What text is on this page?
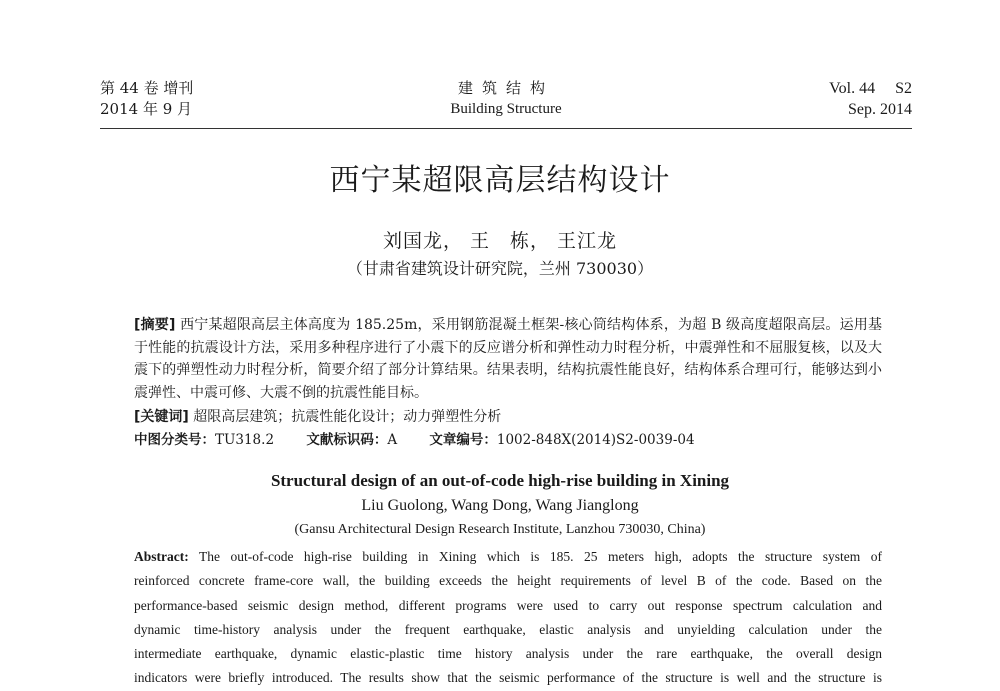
第 44 卷 增刊
2014 年 9 月
建筑结构
Building Structure
Vol. 44 S2
Sep. 2014
西宁某超限高层结构设计
刘国龙， 王　栋， 王江龙
（甘肃省建筑设计研究院，兰州 730030）
[摘要] 西宁某超限高层主体高度为 185.25m，采用钢筋混凝土框架-核心筒结构体系，为超 B 级高度超限高层。运用基于性能的抗震设计方法，采用多种程序进行了小震下的反应谱分析和弹性动力时程分析，中震弹性和不屈服复核，以及大震下的弹塑性动力时程分析，简要介绍了部分计算结果。结果表明，结构抗震性能良好，结构体系合理可行，能够达到小震弹性、中震可修、大震不倒的抗震性能目标。
[关键词] 超限高层建筑；抗震性能化设计；动力弹塑性分析
中图分类号：TU318.2 文献标识码：A 文章编号：1002-848X(2014)S2-0039-04
Structural design of an out-of-code high-rise building in Xining
Liu Guolong, Wang Dong, Wang Jianglong
(Gansu Architectural Design Research Institute, Lanzhou 730030, China)
Abstract: The out-of-code high-rise building in Xining which is 185. 25 meters high, adopts the structure system of
reinforced concrete frame-core wall, the building exceeds the height requirements of level B of the code. Based on the
performance-based seismic design method, different programs were used to carry out response spectrum calculation and
dynamic time-history analysis under the frequent earthquake, elastic analysis and unyielding calculation under the
intermediate earthquake, dynamic elastic-plastic time history analysis under the rare earthquake, the overall design
indicators were briefly introduced. The results show that the seismic performance of the structure is well and the structure is
